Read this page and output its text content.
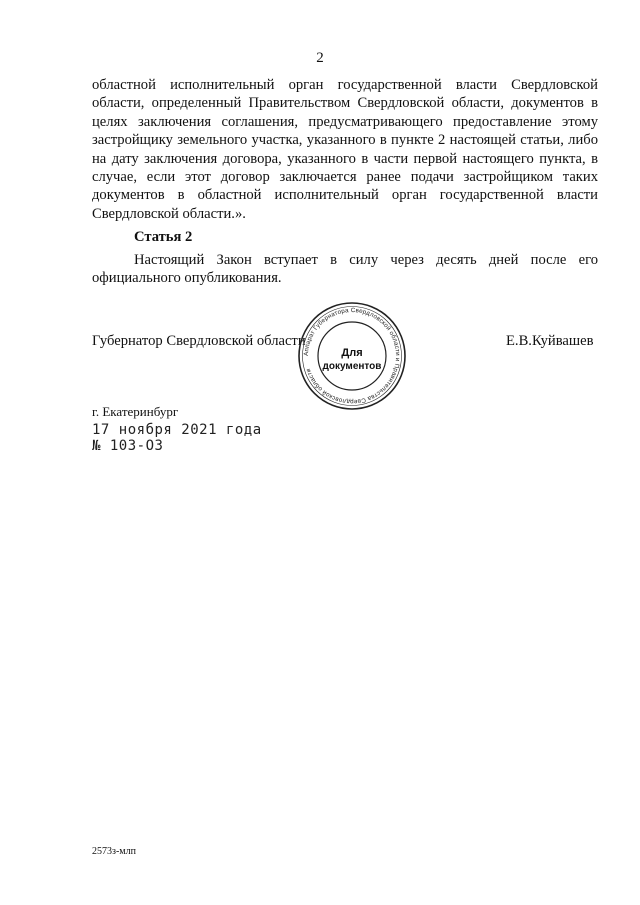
2
областной исполнительный орган государственной власти Свердловской области, определенный Правительством Свердловской области, документов в целях заключения соглашения, предусматривающего предоставление этому застройщику земельного участка, указанного в пункте 2 настоящей статьи, либо на дату заключения договора, указанного в части первой настоящего пункта, в случае, если этот договор заключается ранее подачи застройщиком таких документов в областной исполнительный орган государственной власти Свердловской области.».
Статья 2
Настоящий Закон вступает в силу через десять дней после его официального опубликования.
Губернатор Свердловской области	Е.В.Куйвашев
Аппарат Губернатора Свердловской области и Правительства Свердловской области
Для
документов
г. Екатеринбург
17 ноября 2021 года
№ 103-ОЗ
2573з-млп
